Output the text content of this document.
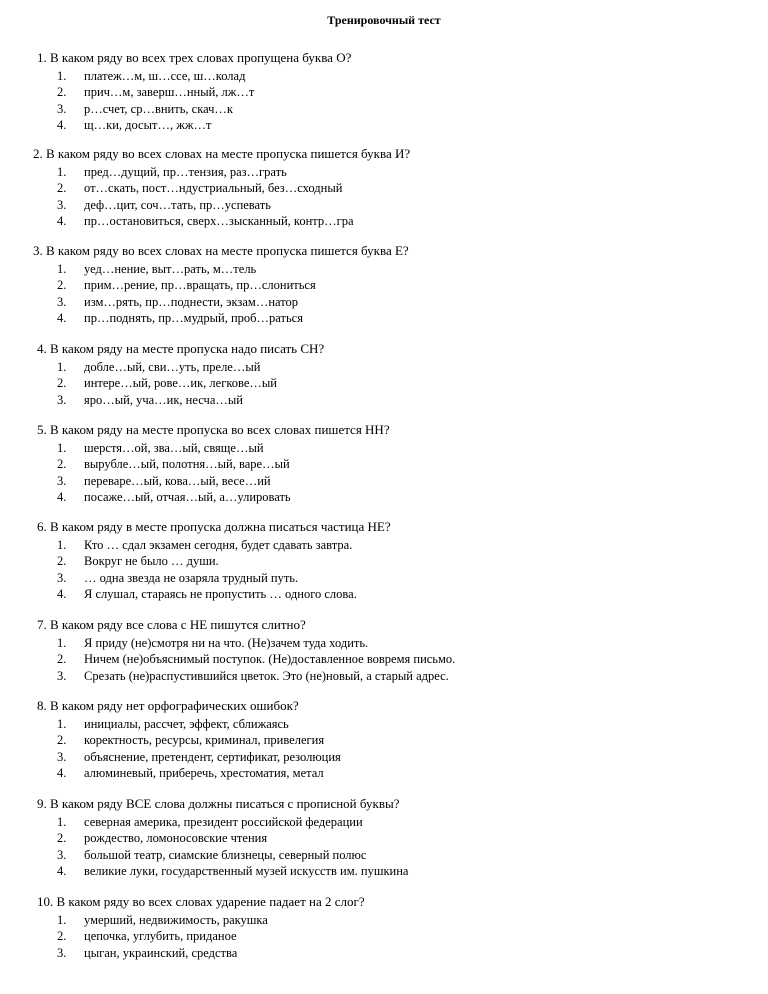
Тренировочный тест
1. В каком ряду во всех трех словах пропущена буква О?
1. платеж…м, ш…ссе, ш…колад
2. прич…м, заверш…нный, лж…т
3. р…счет, ср…внить, скач…к
4. щ…ки, досыт…, жж…т
2. В каком ряду во всех словах на месте пропуска пишется буква И?
1. пред…дущий, пр…тензия, раз…грать
2. от…скать, пост…ндустриальный, без…сходный
3. деф…цит, соч…тать, пр…успевать
4. пр…остановиться, сверх…зысканный, контр…гра
3. В каком ряду во всех словах на месте пропуска пишется буква Е?
1. уед…нение, выт…рать, м…тель
2. прим…рение, пр…вращать, пр…слониться
3. изм…рять, пр…поднести, экзам…натор
4. пр…поднять, пр…мудрый, проб…раться
4. В каком ряду на месте пропуска надо писать СН?
1. добле…ый, сви…уть, преле…ый
2. интере…ый, рове…ик, легкове…ый
3. яро…ый, уча…ик, несча…ый
5. В каком ряду на месте пропуска во всех словах пишется НН?
1. шерстя…ой, зва…ый, свяще…ый
2. вырубле…ый, полотня…ый, варе…ый
3. переваре…ый, кова…ый, весе…ий
4. посаже…ый, отчая…ый, а…улировать
6. В каком ряду в месте пропуска должна писаться частица НЕ?
1. Кто … сдал экзамен сегодня, будет сдавать завтра.
2. Вокруг не было … души.
3. … одна звезда не озаряла трудный путь.
4. Я слушал, стараясь не пропустить … одного слова.
7. В каком ряду все слова с НЕ пишутся слитно?
1. Я приду (не)смотря ни на что. (Не)зачем туда ходить.
2. Ничем (не)объяснимый поступок. (Не)доставленное вовремя письмо.
3. Срезать (не)распустившийся цветок. Это (не)новый, а старый адрес.
8. В каком ряду нет орфографических ошибок?
1. инициалы, рассчет, эффект, сближаясь
2. коректность, ресурсы, криминал, привелегия
3. объяснение, претендент, сертификат, резолюция
4. алюминевый, приберечь, хрестоматия, метал
9. В каком ряду ВСЕ слова должны писаться с прописной буквы?
1. северная америка, президент российской федерации
2. рождество, ломоносовские чтения
3. большой театр, сиамские близнецы, северный полюс
4. великие луки, государственный музей искусств им. пушкина
10. В каком ряду во всех словах ударение падает на 2 слог?
1. умерший, недвижимость, ракушка
2. цепочка, углубить, приданое
3. цыган, украинский, средства
